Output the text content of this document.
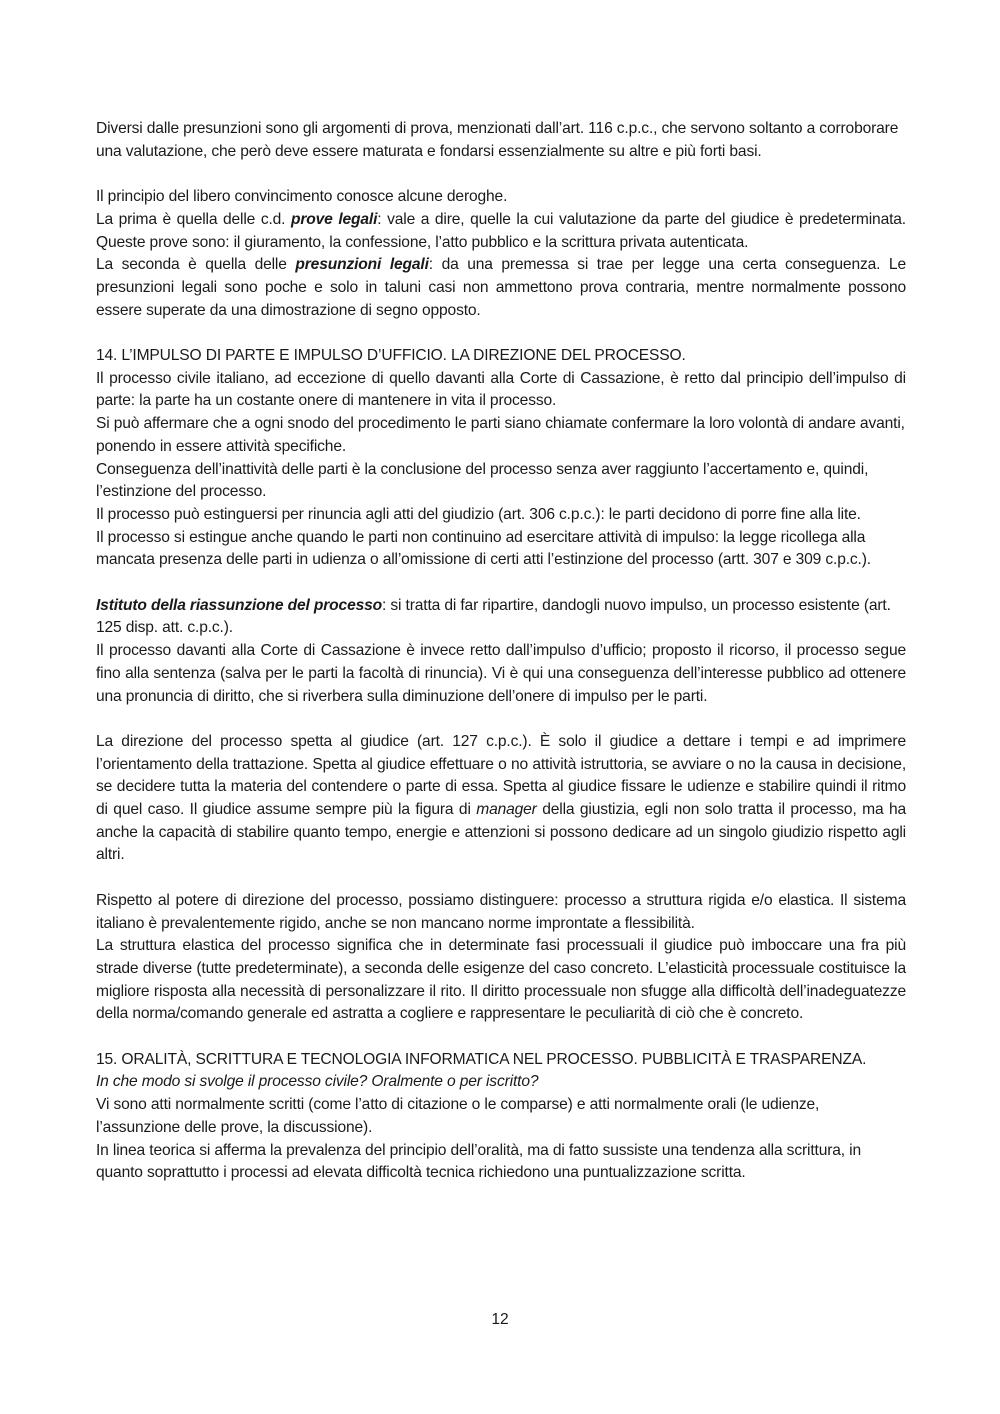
Diversi dalle presunzioni sono gli argomenti di prova, menzionati dall’art. 116 c.p.c., che servono soltanto a corroborare una valutazione, che però deve essere maturata e fondarsi essenzialmente su altre e più forti basi.

Il principio del libero convincimento conosce alcune deroghe.

La prima è quella delle c.d. prove legali: vale a dire, quelle la cui valutazione da parte del giudice è predeterminata. Queste prove sono: il giuramento, la confessione, l’atto pubblico e la scrittura privata autenticata.

La seconda è quella delle presunzioni legali: da una premessa si trae per legge una certa conseguenza. Le presunzioni legali sono poche e solo in taluni casi non ammettono prova contraria, mentre normalmente possono essere superate da una dimostrazione di segno opposto.

14. L’IMPULSO DI PARTE E IMPULSO D’UFFICIO. LA DIREZIONE DEL PROCESSO.

Il processo civile italiano, ad eccezione di quello davanti alla Corte di Cassazione, è retto dal principio dell’impulso di parte: la parte ha un costante onere di mantenere in vita il processo.

Si può affermare che a ogni snodo del procedimento le parti siano chiamate confermare la loro volontà di andare avanti, ponendo in essere attività specifiche.

Conseguenza dell’inattività delle parti è la conclusione del processo senza aver raggiunto l’accertamento e, quindi, l’estinzione del processo.

Il processo può estinguersi per rinuncia agli atti del giudizio (art. 306 c.p.c.): le parti decidono di porre fine alla lite.

Il processo si estingue anche quando le parti non continuino ad esercitare attività di impulso: la legge ricollega alla mancata presenza delle parti in udienza o all’omissione di certi atti l’estinzione del processo (artt. 307 e 309 c.p.c.).

Istituto della riassunzione del processo: si tratta di far ripartire, dandogli nuovo impulso, un processo esistente (art. 125 disp. att. c.p.c.).

Il processo davanti alla Corte di Cassazione è invece retto dall’impulso d’ufficio; proposto il ricorso, il processo segue fino alla sentenza (salva per le parti la facoltà di rinuncia). Vi è qui una conseguenza dell’interesse pubblico ad ottenere una pronuncia di diritto, che si riverbera sulla diminuzione dell’onere di impulso per le parti.

La direzione del processo spetta al giudice (art. 127 c.p.c.). È solo il giudice a dettare i tempi e ad imprimere l’orientamento della trattazione. Spetta al giudice effettuare o no attività istruttoria, se avviare o no la causa in decisione, se decidere tutta la materia del contendere o parte di essa. Spetta al giudice fissare le udienze e stabilire quindi il ritmo di quel caso. Il giudice assume sempre più la figura di manager della giustizia, egli non solo tratta il processo, ma ha anche la capacità di stabilire quanto tempo, energie e attenzioni si possono dedicare ad un singolo giudizio rispetto agli altri.

Rispetto al potere di direzione del processo, possiamo distinguere: processo a struttura rigida e/o elastica. Il sistema italiano è prevalentemente rigido, anche se non mancano norme improntate a flessibilità.

La struttura elastica del processo significa che in determinate fasi processuali il giudice può imboccare una fra più strade diverse (tutte predeterminate), a seconda delle esigenze del caso concreto. L’elasticità processuale costituisce la migliore risposta alla necessità di personalizzare il rito. Il diritto processuale non sfugge alla difficoltà dell’inadeguatezze della norma/comando generale ed astratta a cogliere e rappresentare le peculiarità di ciò che è concreto.

15. ORALITÀ, SCRITTURA E TECNOLOGIA INFORMATICA NEL PROCESSO. PUBBLICITÀ E TRASPARENZA.

In che modo si svolge il processo civile? Oralmente o per iscritto?

Vi sono atti normalmente scritti (come l’atto di citazione o le comparse) e atti normalmente orali (le udienze, l’assunzione delle prove, la discussione).

In linea teorica si afferma la prevalenza del principio dell’oralità, ma di fatto sussiste una tendenza alla scrittura, in quanto soprattutto i processi ad elevata difficoltà tecnica richiedono una puntualizzazione scritta.

12
